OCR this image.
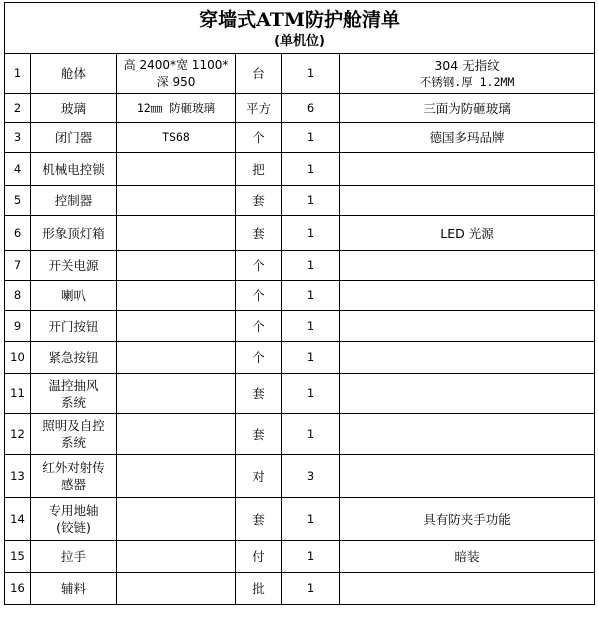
穿墙式ATM防护舱清单
(单机位)					

1	舱体	高 2400*宽 1100*
深 950	台	1	304 无指纹
不锈钢.厚 1.2MM

2	玻璃	12㎜ 防砸玻璃	平方	6	三面为防砸玻璃

3	闭门器	TS68	个	1	德国多玛品牌

4	机械电控锁		把	1	
5	控制器		套	1	
6	形象顶灯箱		套	1	LED 光源

7	开关电源		个	1	
8	喇叭		个	1	
9	开门按钮		个	1	
10	紧急按钮		个	1	
11	温控抽风
系统		套	1	
12	照明及自控
系统		套	1	
13	红外对射传
感器		对	3	
14	专用地轴
(铰链)		套	1	具有防夹手功能

15	拉手		付	1	暗装

16	辅料		批	1	
